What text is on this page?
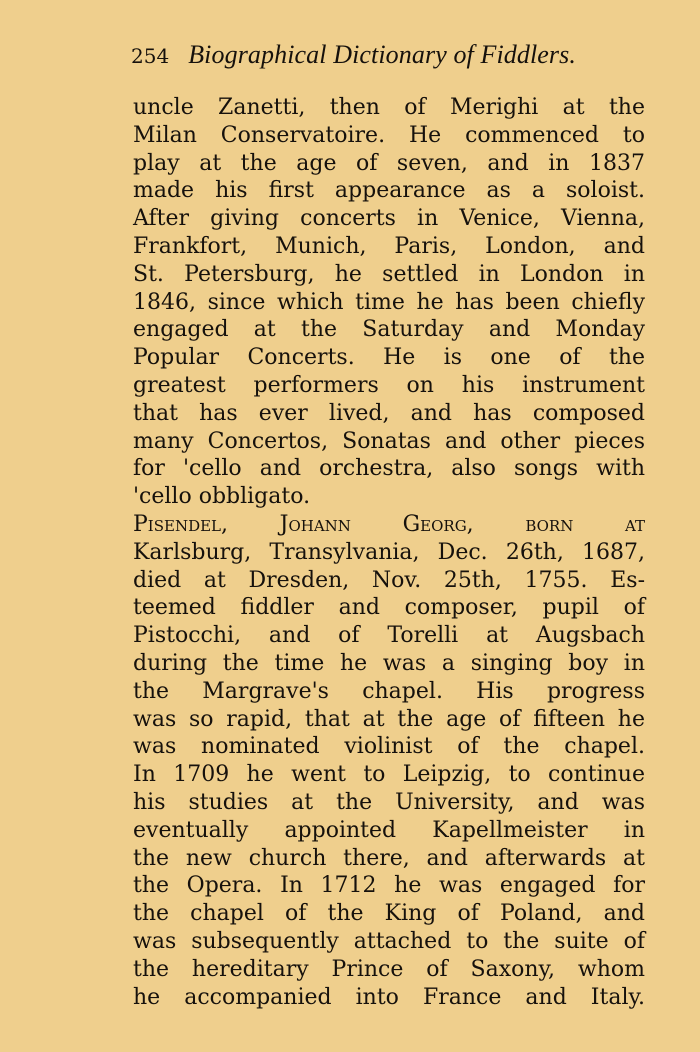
254 Biographical Dictionary of Fiddlers.
uncle Zanetti, then of Merighi at the
Milan Conservatoire. He commenced to
play at the age of seven, and in 1837
made his first appearance as a soloist.
After giving concerts in Venice, Vienna,
Frankfort, Munich, Paris, London, and
St. Petersburg, he settled in London in
1846, since which time he has been chiefly
engaged at the Saturday and Monday
Popular Concerts. He is one of the
greatest performers on his instrument
that has ever lived, and has composed
many Concertos, Sonatas and other pieces
for 'cello and orchestra, also songs with
'cello obbligato.
Pisendel, Johann Georg, born at
Karlsburg, Transylvania, Dec. 26th, 1687,
died at Dresden, Nov. 25th, 1755. Es-
teemed fiddler and composer, pupil of
Pistocchi, and of Torelli at Augsbach
during the time he was a singing boy in
the Margrave's chapel. His progress
was so rapid, that at the age of fifteen he
was nominated violinist of the chapel.
In 1709 he went to Leipzig, to continue
his studies at the University, and was
eventually appointed Kapellmeister in
the new church there, and afterwards at
the Opera. In 1712 he was engaged for
the chapel of the King of Poland, and
was subsequently attached to the suite of
the hereditary Prince of Saxony, whom
he accompanied into France and Italy.
